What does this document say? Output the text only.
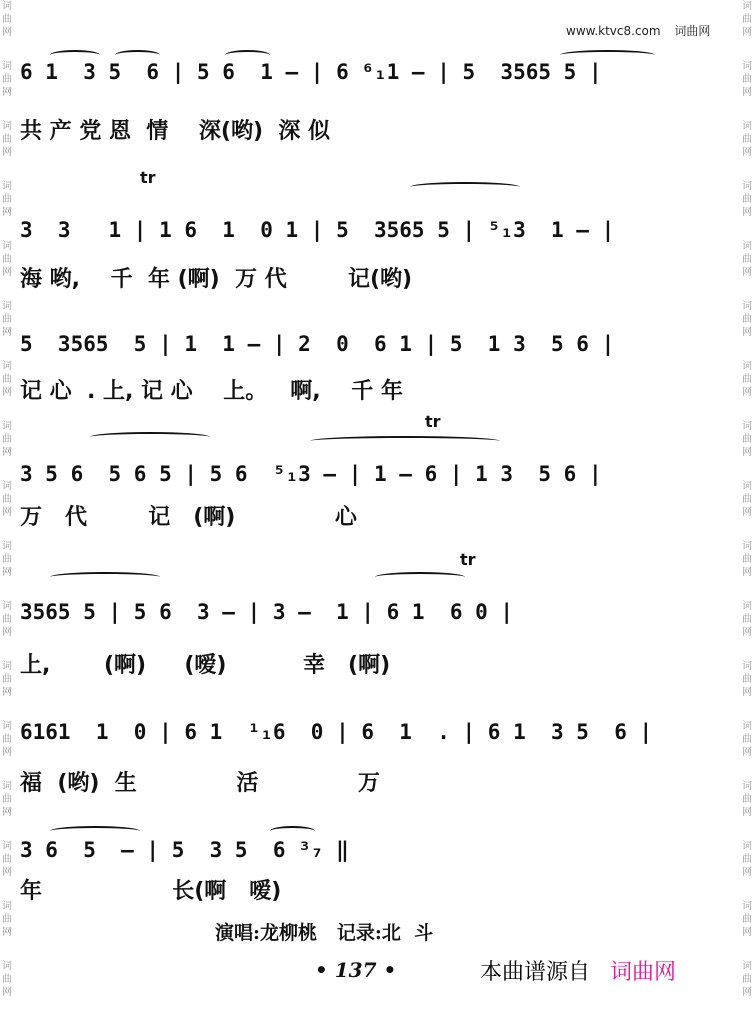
词
曲
网
词
曲
网
词
曲
网
词
曲
网
词
曲
网
词
曲
网
词
曲
网
词
曲
网
词
曲
网
词
曲
网
词
曲
网
词
曲
网
词
曲
网
词
曲
网
词
曲
网
词
曲
网
词
曲
网
词
曲
网
词
曲
网
词
曲
网
词
曲
网
词
曲
网
词
曲
网
词
曲
网
词
曲
网
词
曲
网
词
曲
网
词
曲
网
词
曲
网
词
曲
网
词
曲
网
词
曲
网
词
曲
网
词
曲
网
www.ktvc8.com 词曲网
6 1  3 5  6 | 5 6  1 — | 6 ⁶₁1 — | 5  3565 5 |
共 产 党 恩  情    深(哟)  深 似
tr
3  3   1 | 1 6  1  0 1 | 5  3565 5 | ⁵₁3  1 — |
海 哟,    千  年 (啊)  万 代        记(哟)
5  3565  5 | 1  1 — | 2  0  6 1 | 5  1 3  5 6 |
记 心  . 上, 记 心    上。   啊,    千 年
tr
3 5 6  5 6 5 | 5 6  ⁵₁3 — | 1 — 6 | 1 3  5 6 |
万   代        记   (啊)             心
tr
3565 5 | 5 6  3 — | 3 —  1 | 6 1  6 0 |
上,       (啊)     (嗳)          幸   (啊)
6161  1  0 | 6 1  ¹₁6  0 | 6  1  . | 6 1  3 5  6 |
福  (哟)  生             活             万
3 6  5  — | 5  3 5  6 ³₇ ‖
年                 长(啊   嗳)
演唱:龙柳桃   记录:北  斗
• 137 •	本曲谱源自 词曲网
